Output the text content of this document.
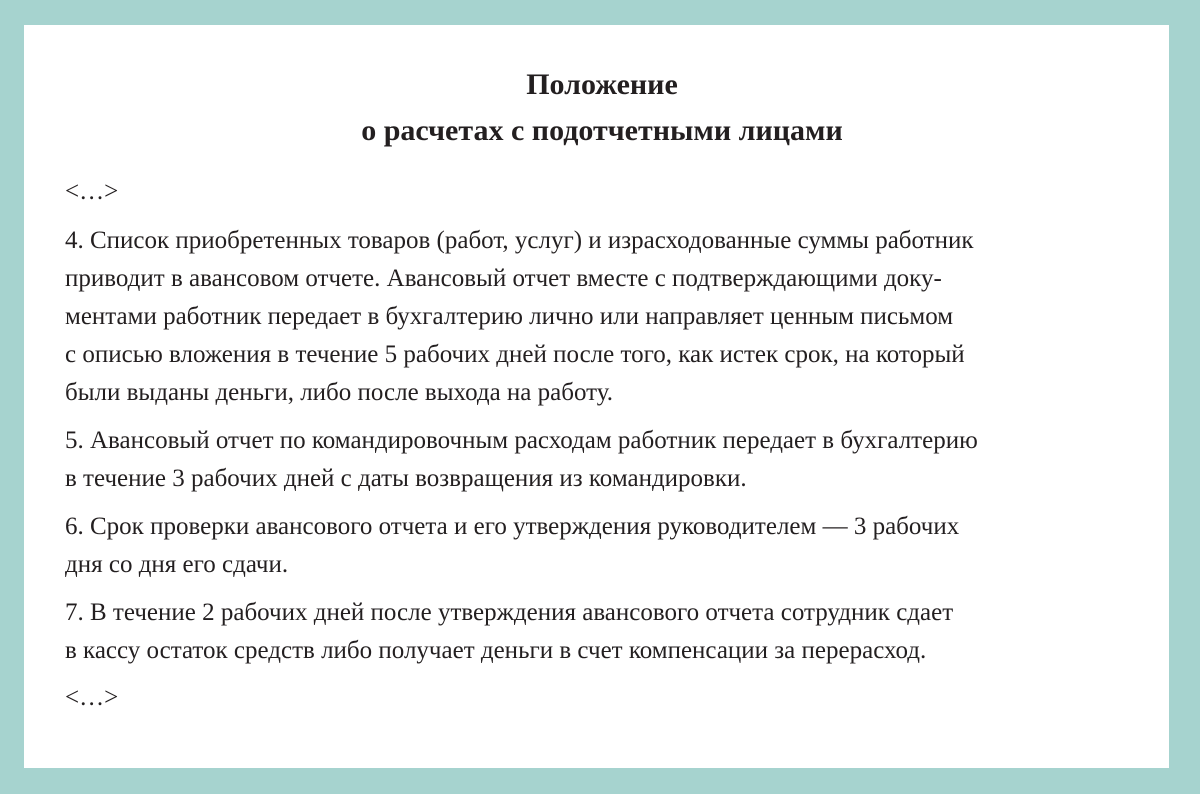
Положение
о расчетах с подотчетными лицами

<…>

4. Список приобретенных товаров (работ, услуг) и израсходованные суммы работник
приводит в авансовом отчете. Авансовый отчет вместе с подтверждающими доку-
ментами работник передает в бухгалтерию лично или направляет ценным письмом
с описью вложения в течение 5 рабочих дней после того, как истек срок, на который
были выданы деньги, либо после выхода на работу.

5. Авансовый отчет по командировочным расходам работник передает в бухгалтерию
в течение 3 рабочих дней с даты возвращения из командировки.

6. Срок проверки авансового отчета и его утверждения руководителем — 3 рабочих
дня со дня его сдачи.

7. В течение 2 рабочих дней после утверждения авансового отчета сотрудник сдает
в кассу остаток средств либо получает деньги в счет компенсации за перерасход.

<…>
